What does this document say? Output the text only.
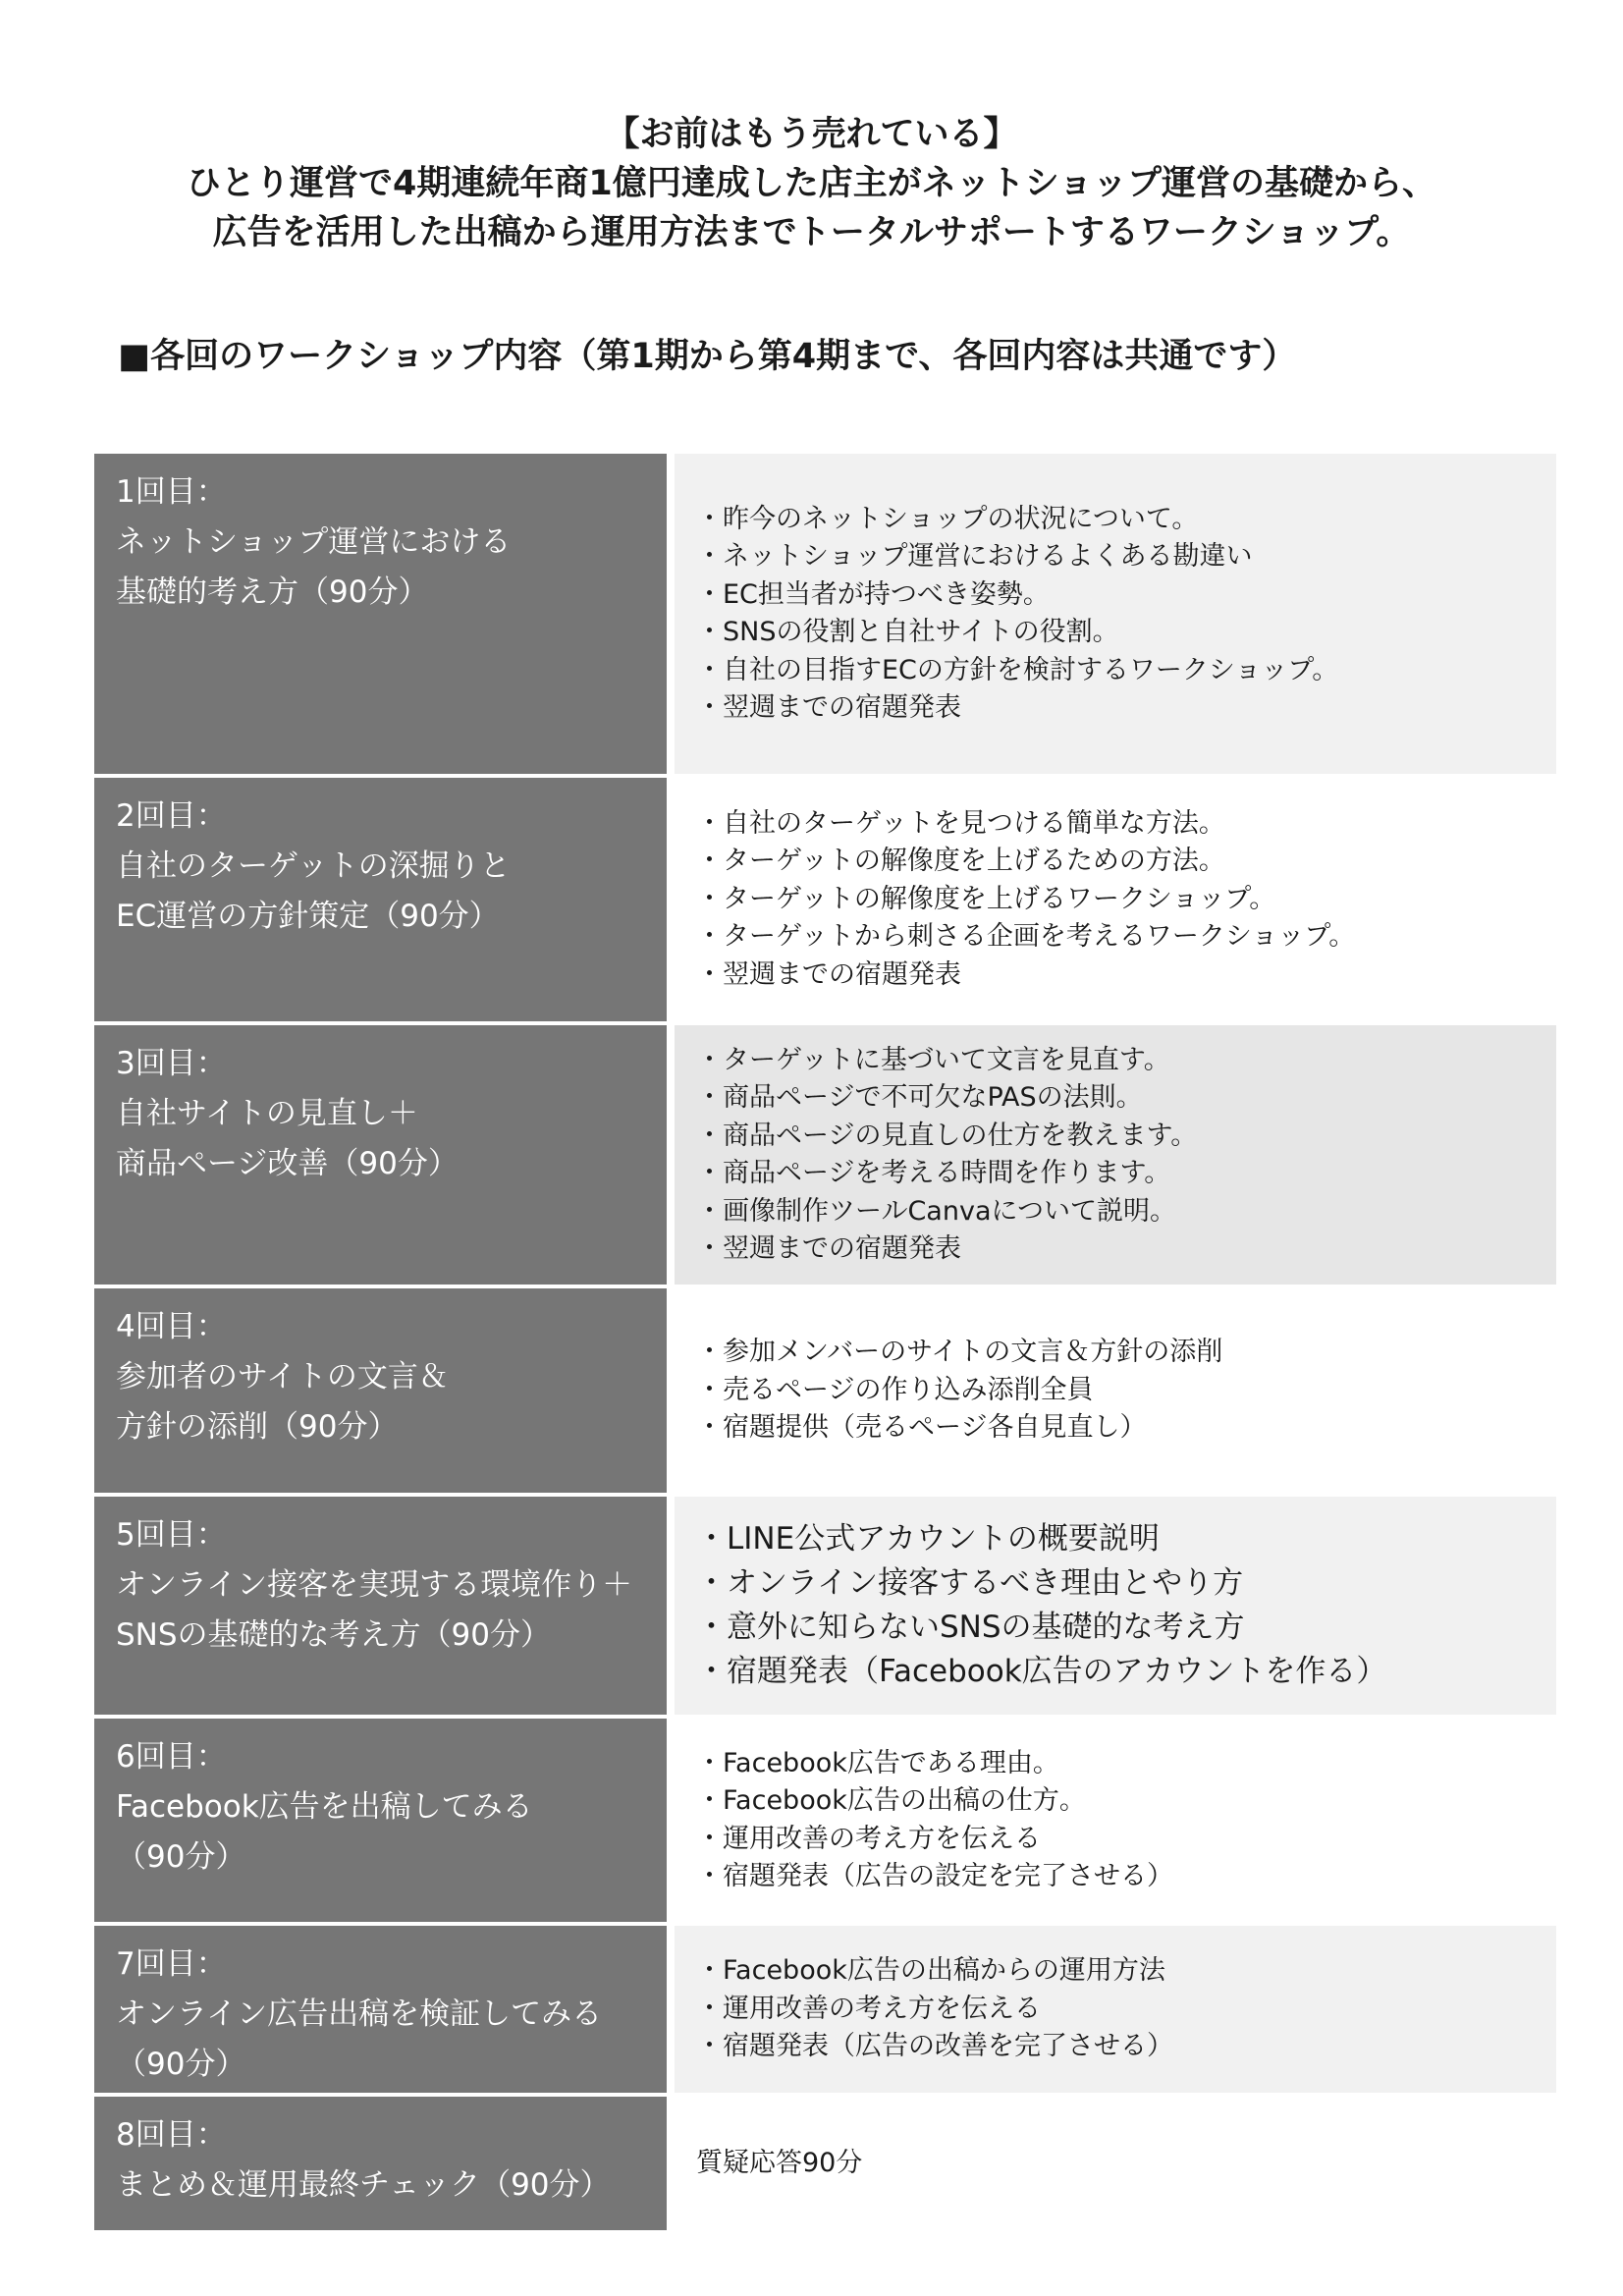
【お前はもう売れている】
ひとり運営で4期連続年商1億円達成した店主がネットショップ運営の基礎から、
広告を活用した出稿から運用方法までトータルサポートするワークショップ。
■各回のワークショップ内容（第1期から第4期まで、各回内容は共通です）
1回目：
ネットショップ運営における
基礎的考え方（90分）
・昨今のネットショップの状況について。
・ネットショップ運営におけるよくある勘違い
・EC担当者が持つべき姿勢。
・SNSの役割と自社サイトの役割。
・自社の目指すECの方針を検討するワークショップ。
・翌週までの宿題発表
2回目：
自社のターゲットの深掘りと
EC運営の方針策定（90分）
・自社のターゲットを見つける簡単な方法。
・ターゲットの解像度を上げるための方法。
・ターゲットの解像度を上げるワークショップ。
・ターゲットから刺さる企画を考えるワークショップ。
・翌週までの宿題発表
3回目：
自社サイトの見直し＋
商品ページ改善（90分）
・ターゲットに基づいて文言を見直す。
・商品ページで不可欠なPASの法則。
・商品ページの見直しの仕方を教えます。
・商品ページを考える時間を作ります。
・画像制作ツールCanvaについて説明。
・翌週までの宿題発表
4回目：
参加者のサイトの文言＆
方針の添削（90分）
・参加メンバーのサイトの文言＆方針の添削
・売るページの作り込み添削全員
・宿題提供（売るページ各自見直し）
5回目：
オンライン接客を実現する環境作り＋
SNSの基礎的な考え方（90分）
・LINE公式アカウントの概要説明
・オンライン接客するべき理由とやり方
・意外に知らないSNSの基礎的な考え方
・宿題発表（Facebook広告のアカウントを作る）
6回目：
Facebook広告を出稿してみる
（90分）
・Facebook広告である理由。
・Facebook広告の出稿の仕方。
・運用改善の考え方を伝える
・宿題発表（広告の設定を完了させる）
7回目：
オンライン広告出稿を検証してみる
（90分）
・Facebook広告の出稿からの運用方法
・運用改善の考え方を伝える
・宿題発表（広告の改善を完了させる）
8回目：
まとめ＆運用最終チェック（90分）
質疑応答90分
